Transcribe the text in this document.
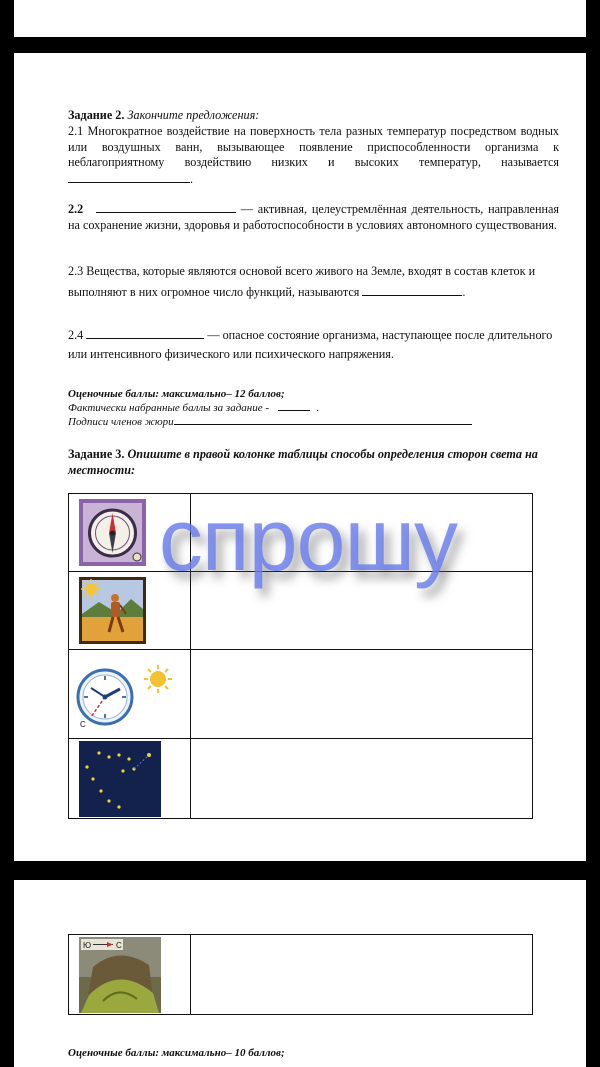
Задание 2. Закончите предложения:
2.1 Многократное воздействие на поверхность тела разных температур посредством водных или воздушных ванн, вызывающее появление приспособленности организма к неблагоприятному воздействию низких и высоких температур, называется .
2.2	— активная, целеустремлённая деятельность, направленная на сохранение жизни, здоровья и работоспособности в условиях автономного существования.
2.3 Вещества, которые являются основой всего живого на Земле, входят в состав клеток и выполняют в них огромное число функций, называются	.
2.4	— опасное состояние организма, наступающее после длительного или интенсивного физического или психического напряжения.
Оценочные баллы: максимально– 12 баллов;
Фактически набранные баллы за задание -	.
Подписи членов жюри
Задание 3. Опишите в правой колонке таблицы способы определения сторон света на местности:

С	

Ю	С

Оценочные баллы: максимально– 10 баллов;
спрошу
